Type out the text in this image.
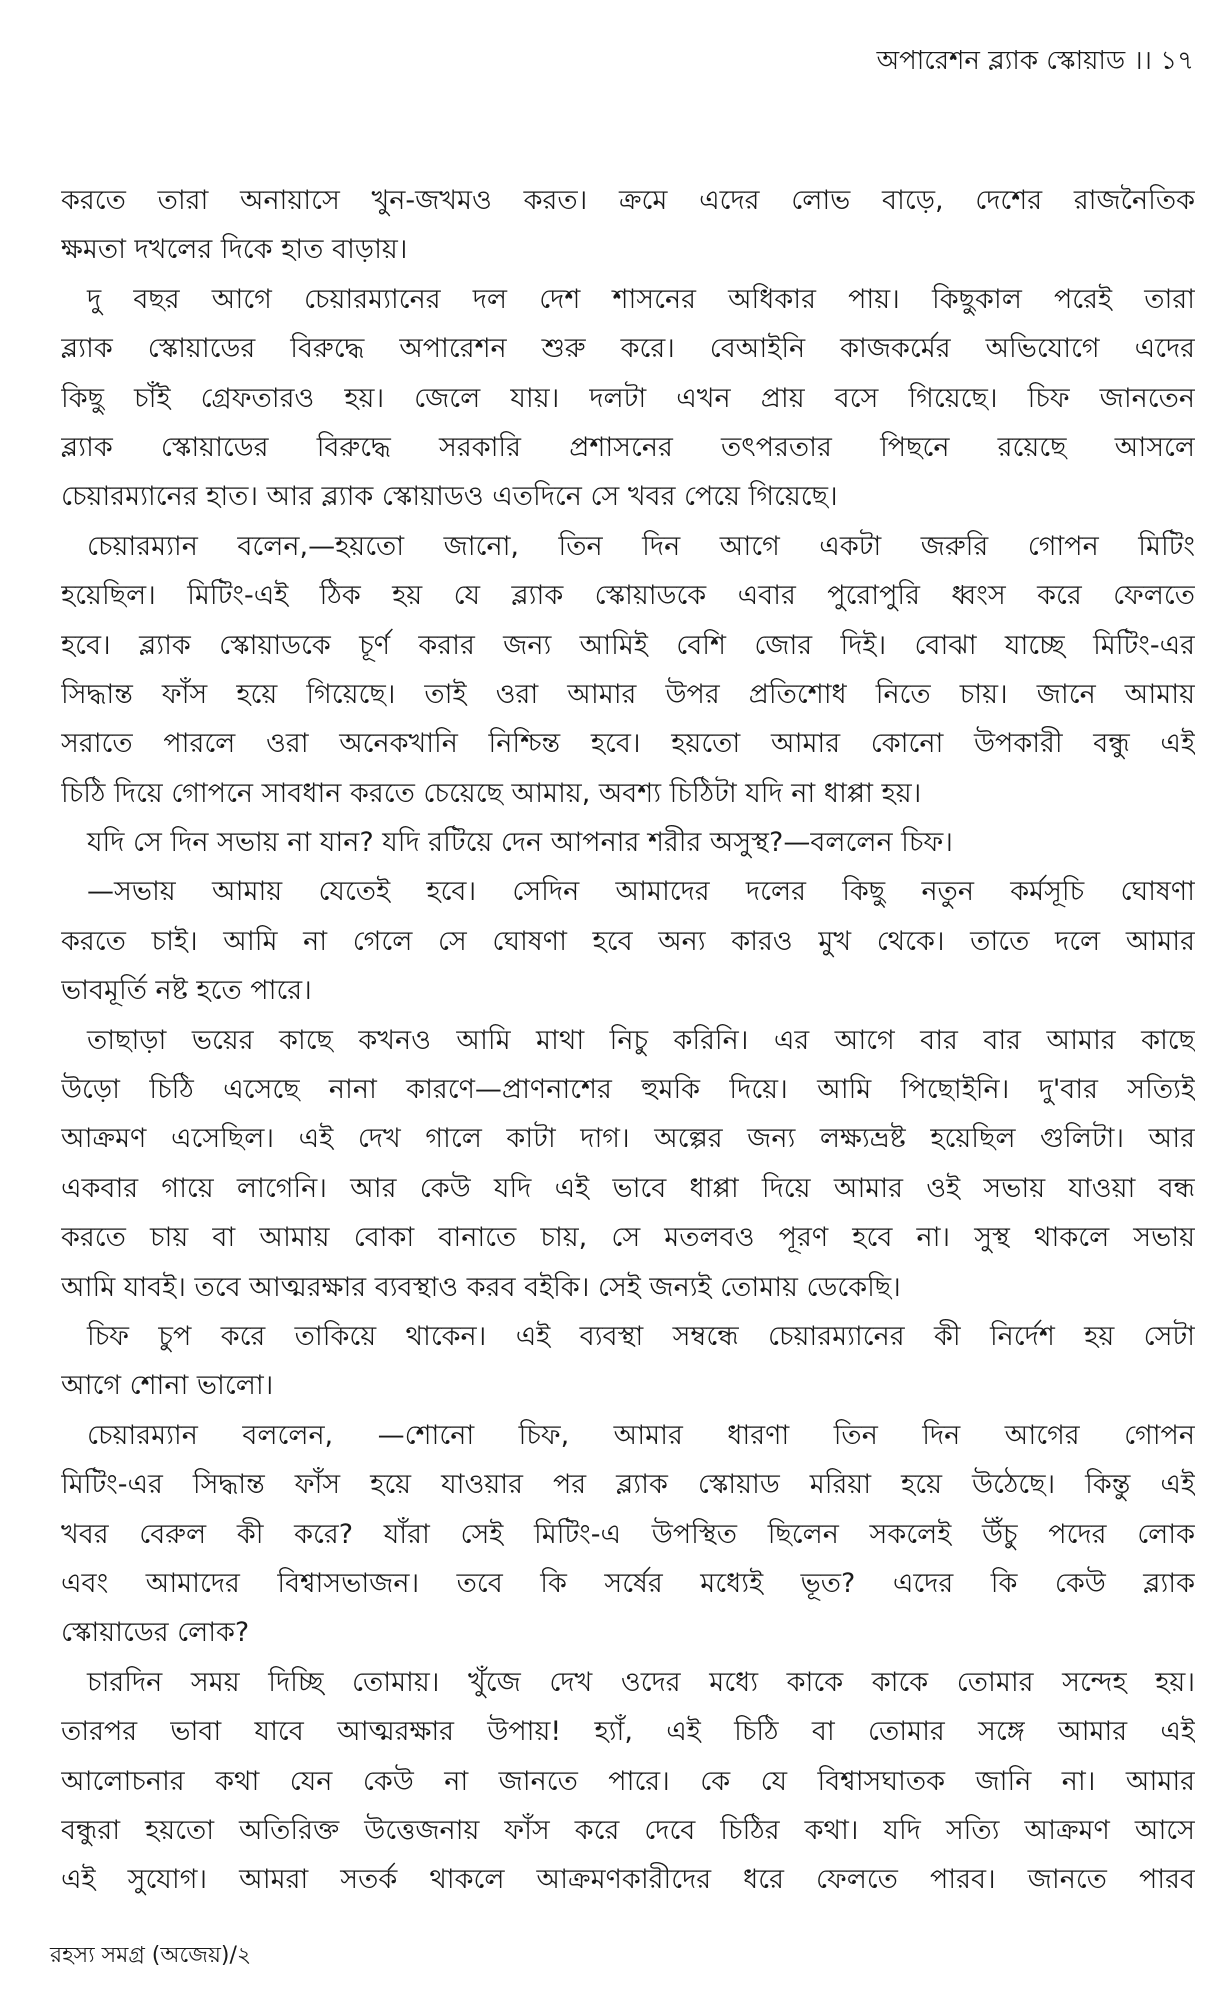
অপারেশন ব্ল্যাক স্কোয়াড ।। ১৭
করতে তারা অনায়াসে খুন-জখমও করত। ক্রমে এদের লোভ বাড়ে, দেশের রাজনৈতিক
ক্ষমতা দখলের দিকে হাত বাড়ায়।
দু বছর আগে চেয়ারম্যানের দল দেশ শাসনের অধিকার পায়। কিছুকাল পরেই তারা
ব্ল্যাক স্কোয়াডের বিরুদ্ধে অপারেশন শুরু করে। বেআইনি কাজকর্মের অভিযোগে এদের
কিছু চাঁই গ্রেফতারও হয়। জেলে যায়। দলটা এখন প্রায় বসে গিয়েছে। চিফ জানতেন
ব্ল্যাক স্কোয়াডের বিরুদ্ধে সরকারি প্রশাসনের তৎপরতার পিছনে রয়েছে আসলে
চেয়ারম্যানের হাত। আর ব্ল্যাক স্কোয়াডও এতদিনে সে খবর পেয়ে গিয়েছে।
চেয়ারম্যান বলেন,—হয়তো জানো, তিন দিন আগে একটা জরুরি গোপন মিটিং
হয়েছিল। মিটিং-এই ঠিক হয় যে ব্ল্যাক স্কোয়াডকে এবার পুরোপুরি ধ্বংস করে ফেলতে
হবে। ব্ল্যাক স্কোয়াডকে চূর্ণ করার জন্য আমিই বেশি জোর দিই। বোঝা যাচ্ছে মিটিং-এর
সিদ্ধান্ত ফাঁস হয়ে গিয়েছে। তাই ওরা আমার উপর প্রতিশোধ নিতে চায়। জানে আমায়
সরাতে পারলে ওরা অনেকখানি নিশ্চিন্ত হবে। হয়তো আমার কোনো উপকারী বন্ধু এই
চিঠি দিয়ে গোপনে সাবধান করতে চেয়েছে আমায়, অবশ্য চিঠিটা যদি না ধাপ্পা হয়।
যদি সে দিন সভায় না যান? যদি রটিয়ে দেন আপনার শরীর অসুস্থ?—বললেন চিফ।
—সভায় আমায় যেতেই হবে। সেদিন আমাদের দলের কিছু নতুন কর্মসূচি ঘোষণা
করতে চাই। আমি না গেলে সে ঘোষণা হবে অন্য কারও মুখ থেকে। তাতে দলে আমার
ভাবমূর্তি নষ্ট হতে পারে।
তাছাড়া ভয়ের কাছে কখনও আমি মাথা নিচু করিনি। এর আগে বার বার আমার কাছে
উড়ো চিঠি এসেছে নানা কারণে—প্রাণনাশের হুমকি দিয়ে। আমি পিছোইনি। দু'বার সত্যিই
আক্রমণ এসেছিল। এই দেখ গালে কাটা দাগ। অল্পের জন্য লক্ষ্যভ্রষ্ট হয়েছিল গুলিটা। আর
একবার গায়ে লাগেনি। আর কেউ যদি এই ভাবে ধাপ্পা দিয়ে আমার ওই সভায় যাওয়া বন্ধ
করতে চায় বা আমায় বোকা বানাতে চায়, সে মতলবও পূরণ হবে না। সুস্থ থাকলে সভায়
আমি যাবই। তবে আত্মরক্ষার ব্যবস্থাও করব বইকি। সেই জন্যই তোমায় ডেকেছি।
চিফ চুপ করে তাকিয়ে থাকেন। এই ব্যবস্থা সম্বন্ধে চেয়ারম্যানের কী নির্দেশ হয় সেটা
আগে শোনা ভালো।
চেয়ারম্যান বললেন, —শোনো চিফ, আমার ধারণা তিন দিন আগের গোপন
মিটিং-এর সিদ্ধান্ত ফাঁস হয়ে যাওয়ার পর ব্ল্যাক স্কোয়াড মরিয়া হয়ে উঠেছে। কিন্তু এই
খবর বেরুল কী করে? যাঁরা সেই মিটিং-এ উপস্থিত ছিলেন সকলেই উঁচু পদের লোক
এবং আমাদের বিশ্বাসভাজন। তবে কি সর্ষের মধ্যেই ভূত? এদের কি কেউ ব্ল্যাক
স্কোয়াডের লোক?
চারদিন সময় দিচ্ছি তোমায়। খুঁজে দেখ ওদের মধ্যে কাকে কাকে তোমার সন্দেহ হয়।
তারপর ভাবা যাবে আত্মরক্ষার উপায়! হ্যাঁ, এই চিঠি বা তোমার সঙ্গে আমার এই
আলোচনার কথা যেন কেউ না জানতে পারে। কে যে বিশ্বাসঘাতক জানি না। আমার
বন্ধুরা হয়তো অতিরিক্ত উত্তেজনায় ফাঁস করে দেবে চিঠির কথা। যদি সত্যি আক্রমণ আসে
এই সুযোগ। আমরা সতর্ক থাকলে আক্রমণকারীদের ধরে ফেলতে পারব। জানতে পারব
রহস্য সমগ্র (অজেয়)/২
